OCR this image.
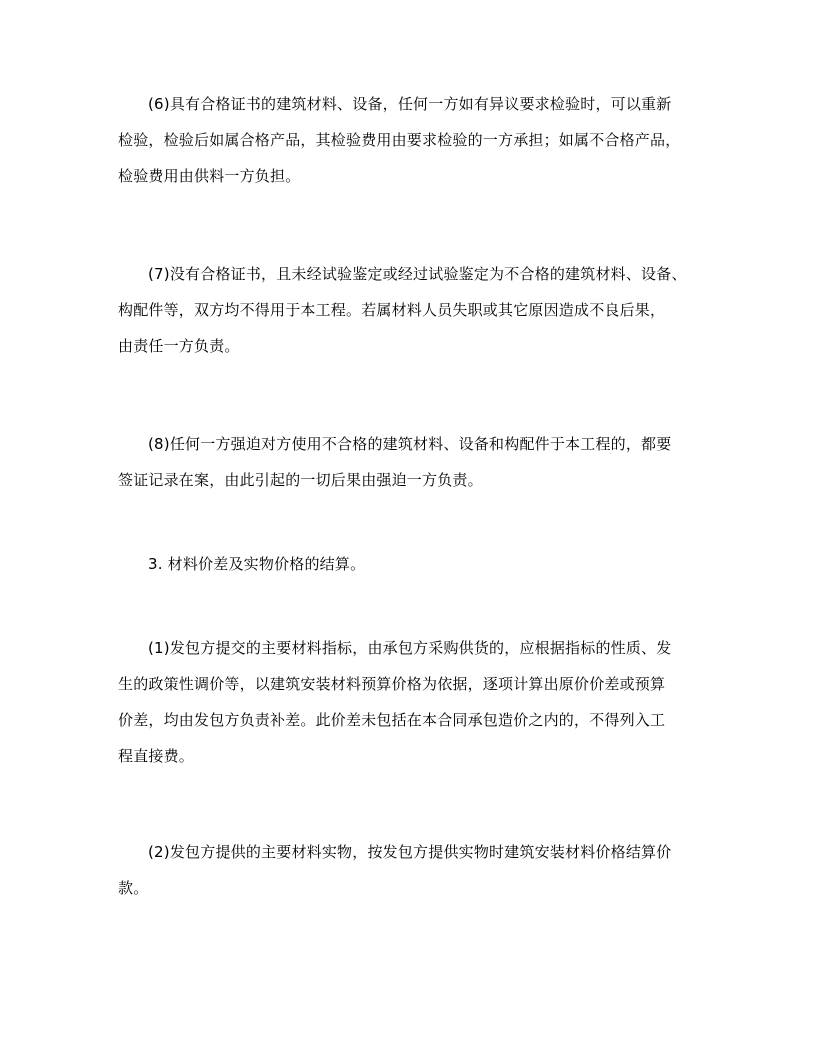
(6)具有合格证书的建筑材料、设备，任何一方如有异议要求检验时，可以重新
检验，检验后如属合格产品，其检验费用由要求检验的一方承担；如属不合格产品，
检验费用由供料一方负担。
(7)没有合格证书，且未经试验鉴定或经过试验鉴定为不合格的建筑材料、设备、
构配件等，双方均不得用于本工程。若属材料人员失职或其它原因造成不良后果，
由责任一方负责。
(8)任何一方强迫对方使用不合格的建筑材料、设备和构配件于本工程的，都要
签证记录在案，由此引起的一切后果由强迫一方负责。
3. 材料价差及实物价格的结算。
(1)发包方提交的主要材料指标，由承包方采购供货的，应根据指标的性质、发
生的政策性调价等，以建筑安装材料预算价格为依据，逐项计算出原价价差或预算
价差，均由发包方负责补差。此价差未包括在本合同承包造价之内的，不得列入工
程直接费。
(2)发包方提供的主要材料实物，按发包方提供实物时建筑安装材料价格结算价
款。
